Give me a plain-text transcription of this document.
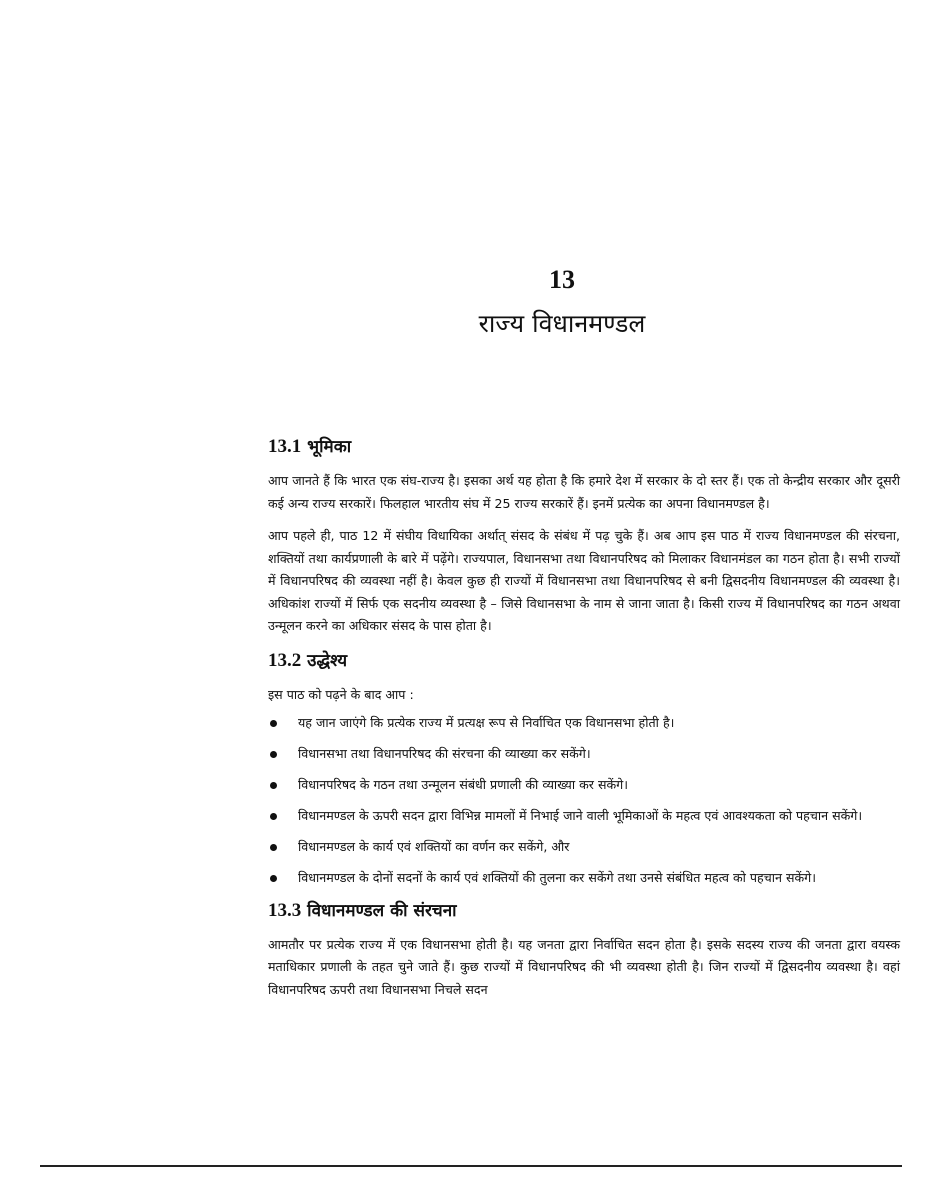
13
राज्य विधानमण्डल
13.1 भूमिका

आप जानते हैं कि भारत एक संघ-राज्य है। इसका अर्थ यह होता है कि हमारे देश में सरकार के दो स्तर हैं। एक तो केन्द्रीय सरकार और दूसरी कई अन्य राज्य सरकारें। फिलहाल भारतीय संघ में 25 राज्य सरकारें हैं। इनमें प्रत्येक का अपना विधानमण्डल है।

आप पहले ही, पाठ 12 में संघीय विधायिका अर्थात् संसद के संबंध में पढ़ चुके हैं। अब आप इस पाठ में राज्य विधानमण्डल की संरचना, शक्तियों तथा कार्यप्रणाली के बारे में पढ़ेंगे। राज्यपाल, विधानसभा तथा विधानपरिषद को मिलाकर विधानमंडल का गठन होता है। सभी राज्यों में विधानपरिषद की व्यवस्था नहीं है। केवल कुछ ही राज्यों में विधानसभा तथा विधानपरिषद से बनी द्विसदनीय विधानमण्डल की व्यवस्था है। अधिकांश राज्यों में सिर्फ एक सदनीय व्यवस्था है – जिसे विधानसभा के नाम से जाना जाता है। किसी राज्य में विधानपरिषद का गठन अथवा उन्मूलन करने का अधिकार संसद के पास होता है।

13.2 उद्धेश्य

इस पाठ को पढ़ने के बाद आप :

यह जान जाएंगे कि प्रत्येक राज्य में प्रत्यक्ष रूप से निर्वाचित एक विधानसभा होती है।
विधानसभा तथा विधानपरिषद की संरचना की व्याख्या कर सकेंगे।
विधानपरिषद के गठन तथा उन्मूलन संबंधी प्रणाली की व्याख्या कर सकेंगे।
विधानमण्डल के ऊपरी सदन द्वारा विभिन्न मामलों में निभाई जाने वाली भूमिकाओं के महत्व एवं आवश्यकता को पहचान सकेंगे।
विधानमण्डल के कार्य एवं शक्तियों का वर्णन कर सकेंगे, और
विधानमण्डल के दोनों सदनों के कार्य एवं शक्तियों की तुलना कर सकेंगे तथा उनसे संबंधित महत्व को पहचान सकेंगे।
13.3 विधानमण्डल की संरचना

आमतौर पर प्रत्येक राज्य में एक विधानसभा होती है। यह जनता द्वारा निर्वाचित सदन होता है। इसके सदस्य राज्य की जनता द्वारा वयस्क मताधिकार प्रणाली के तहत चुने जाते हैं। कुछ राज्यों में विधानपरिषद की भी व्यवस्था होती है। जिन राज्यों में द्विसदनीय व्यवस्था है। वहां विधानपरिषद ऊपरी तथा विधानसभा निचले सदन
